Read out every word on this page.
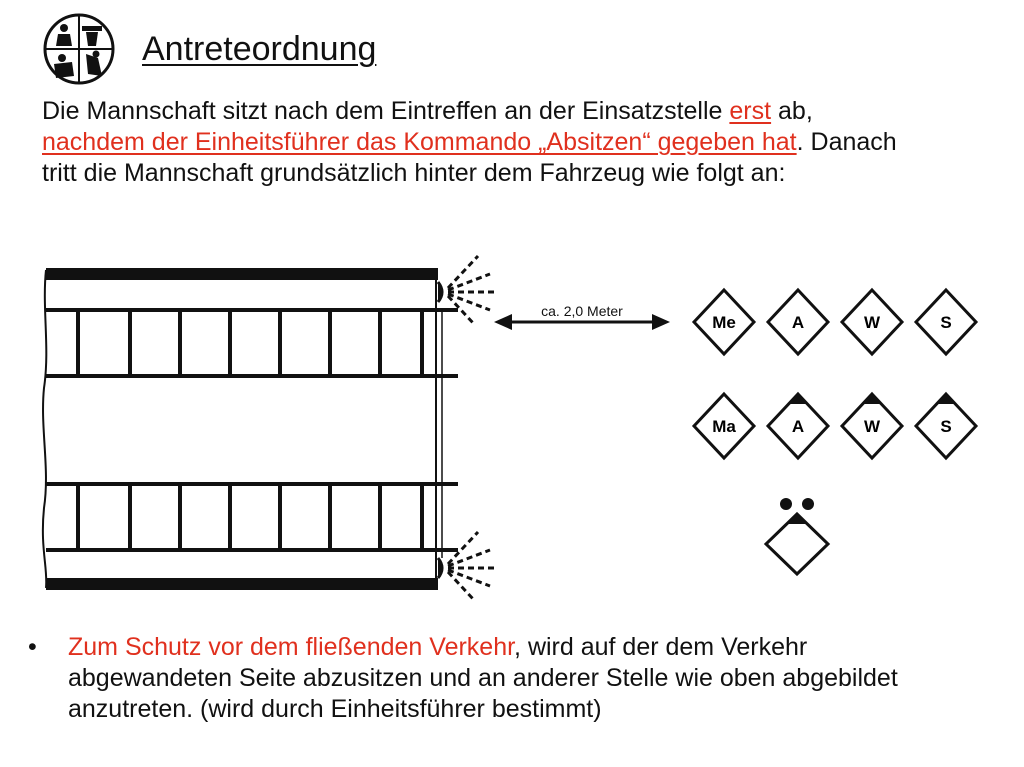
Antreteordnung

Die Mannschaft sitzt nach dem Eintreffen an der Einsatzstelle erst ab, nachdem der Einheitsführer das Kommando „Absitzen“ gegeben hat. Danach tritt die Mannschaft grundsätzlich hinter dem Fahrzeug wie folgt an:

ca. 2,0 Meter
Me	A	W	S
Ma	A	W	S
• Zum Schutz vor dem fließenden Verkehr, wird auf der dem Verkehr abgewandeten Seite abzusitzen und an anderer Stelle wie oben abgebildet anzutreten. (wird durch Einheitsführer bestimmt)
